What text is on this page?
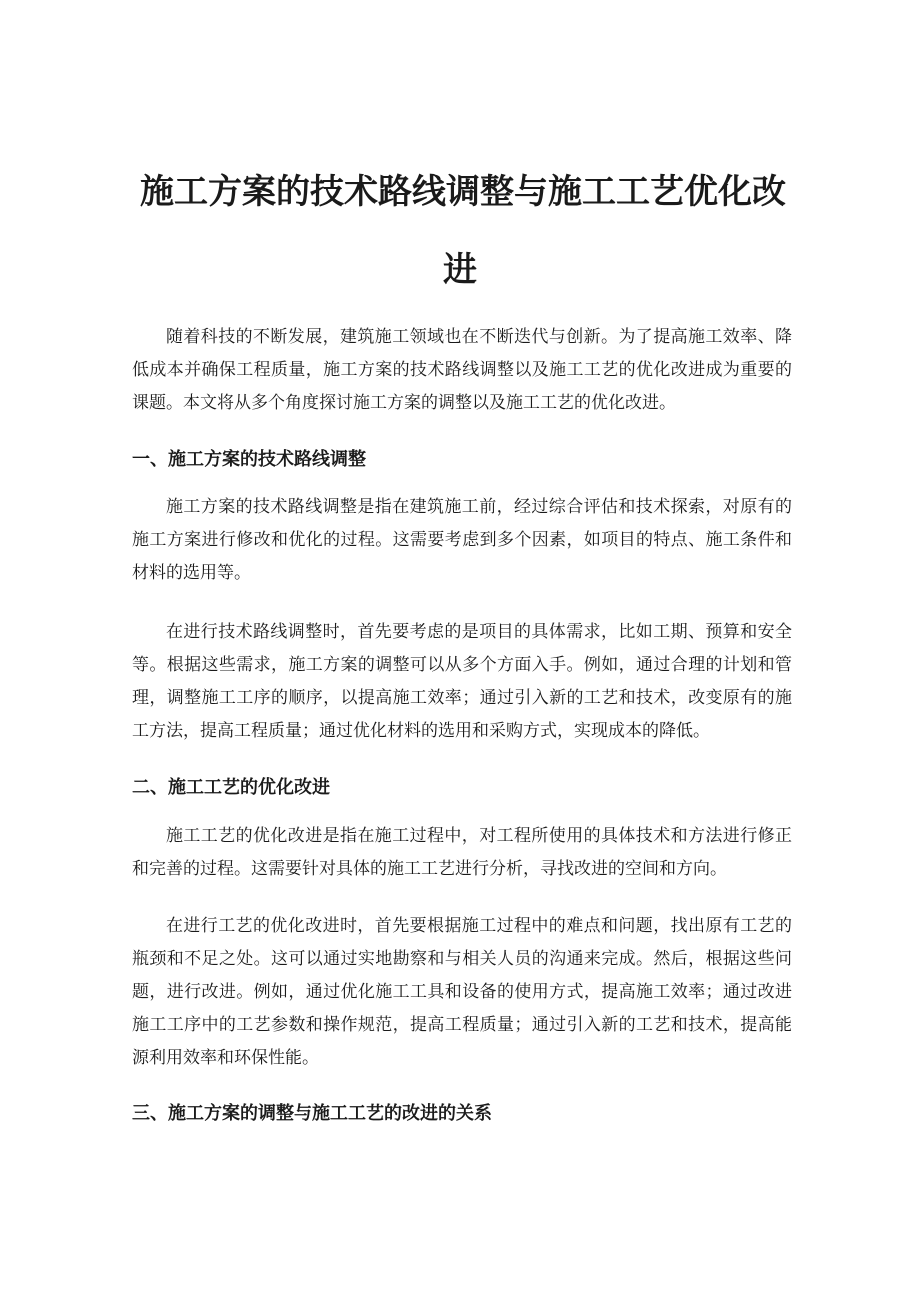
施工方案的技术路线调整与施工工艺优化改
进

随着科技的不断发展，建筑施工领域也在不断迭代与创新。为了提高施工效率、降低成本并确保工程质量，施工方案的技术路线调整以及施工工艺的优化改进成为重要的课题。本文将从多个角度探讨施工方案的调整以及施工工艺的优化改进。

一、施工方案的技术路线调整

施工方案的技术路线调整是指在建筑施工前，经过综合评估和技术探索，对原有的施工方案进行修改和优化的过程。这需要考虑到多个因素，如项目的特点、施工条件和材料的选用等。

在进行技术路线调整时，首先要考虑的是项目的具体需求，比如工期、预算和安全等。根据这些需求，施工方案的调整可以从多个方面入手。例如，通过合理的计划和管理，调整施工工序的顺序，以提高施工效率；通过引入新的工艺和技术，改变原有的施工方法，提高工程质量；通过优化材料的选用和采购方式，实现成本的降低。

二、施工工艺的优化改进

施工工艺的优化改进是指在施工过程中，对工程所使用的具体技术和方法进行修正和完善的过程。这需要针对具体的施工工艺进行分析，寻找改进的空间和方向。

在进行工艺的优化改进时，首先要根据施工过程中的难点和问题，找出原有工艺的瓶颈和不足之处。这可以通过实地勘察和与相关人员的沟通来完成。然后，根据这些问题，进行改进。例如，通过优化施工工具和设备的使用方式，提高施工效率；通过改进施工工序中的工艺参数和操作规范，提高工程质量；通过引入新的工艺和技术，提高能源利用效率和环保性能。

三、施工方案的调整与施工工艺的改进的关系
